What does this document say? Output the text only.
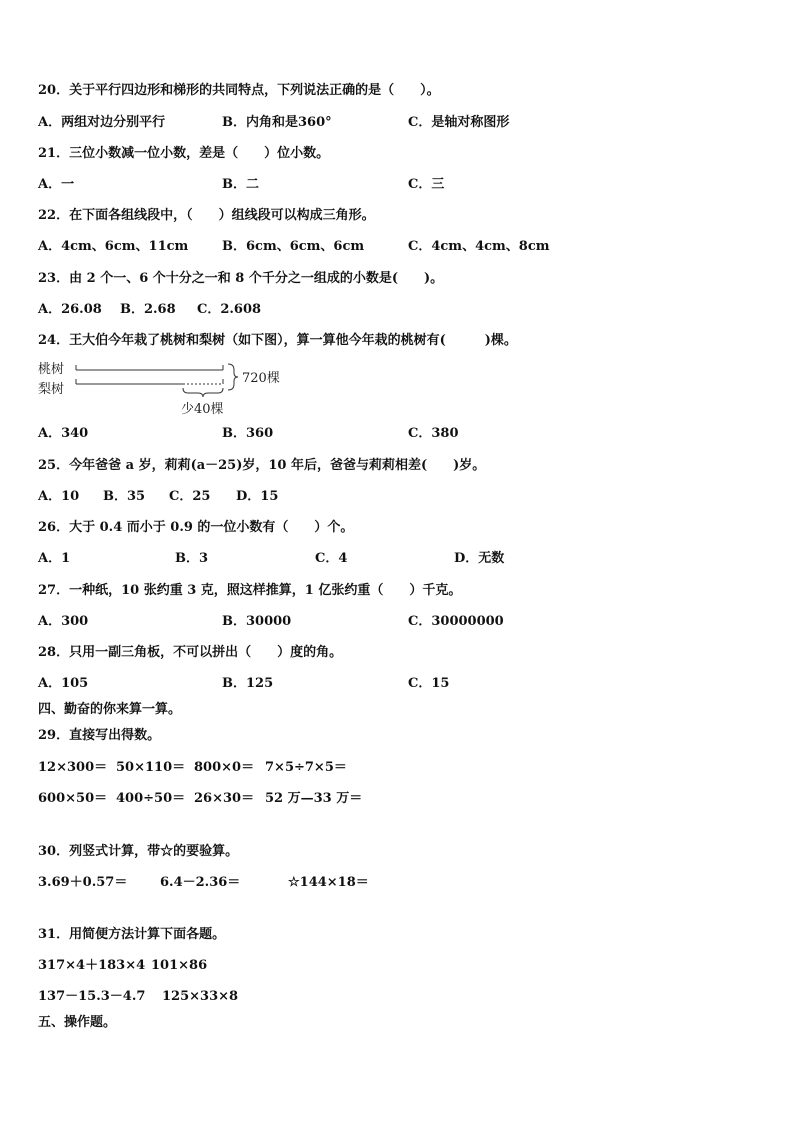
20．关于平行四边形和梯形的共同特点，下列说法正确的是（　　）。
A．两组对边分别平行	B．内角和是360°	C．是轴对称图形
21．三位小数减一位小数，差是（　　）位小数。
A．一	B．二	C．三
22．在下面各组线段中，（　　）组线段可以构成三角形。
A．4cm、6cm、11cm	B．6cm、6cm、6cm	C．4cm、4cm、8cm
23．由 2 个一、6 个十分之一和 8 个千分之一组成的小数是(　　)。
A．26.08 B．2.68 C．2.608
24．王大伯今年栽了桃树和梨树（如下图），算一算他今年栽的桃树有(　　　)棵。
桃树
梨树
720棵
少40棵
A．340	B．360	C．380
25．今年爸爸 a 岁，莉莉(a－25)岁，10 年后，爸爸与莉莉相差(　　)岁。
A．10 B．35 C．25 D．15
26．大于 0.4 而小于 0.9 的一位小数有（　　）个。
A．1	B．3	C．4	D．无数
27．一种纸，10 张约重 3 克，照这样推算，1 亿张约重（　　）千克。
A．300	B．30000	C．30000000
28．只用一副三角板，不可以拼出（　　）度的角。
A．105	B．125	C．15
四、勤奋的你来算一算。
29．直接写出得数。
12×300＝ 50×110＝ 800×0＝ 7×5÷7×5＝
600×50＝ 400÷50＝ 26×30＝ 52 万—33 万＝
30．列竖式计算，带☆的要验算。
3.69＋0.57＝	6.4－2.36＝	☆144×18＝
31．用简便方法计算下面各题。
317×4＋183×4 101×86
137－15.3－4.7 125×33×8
五、操作题。
